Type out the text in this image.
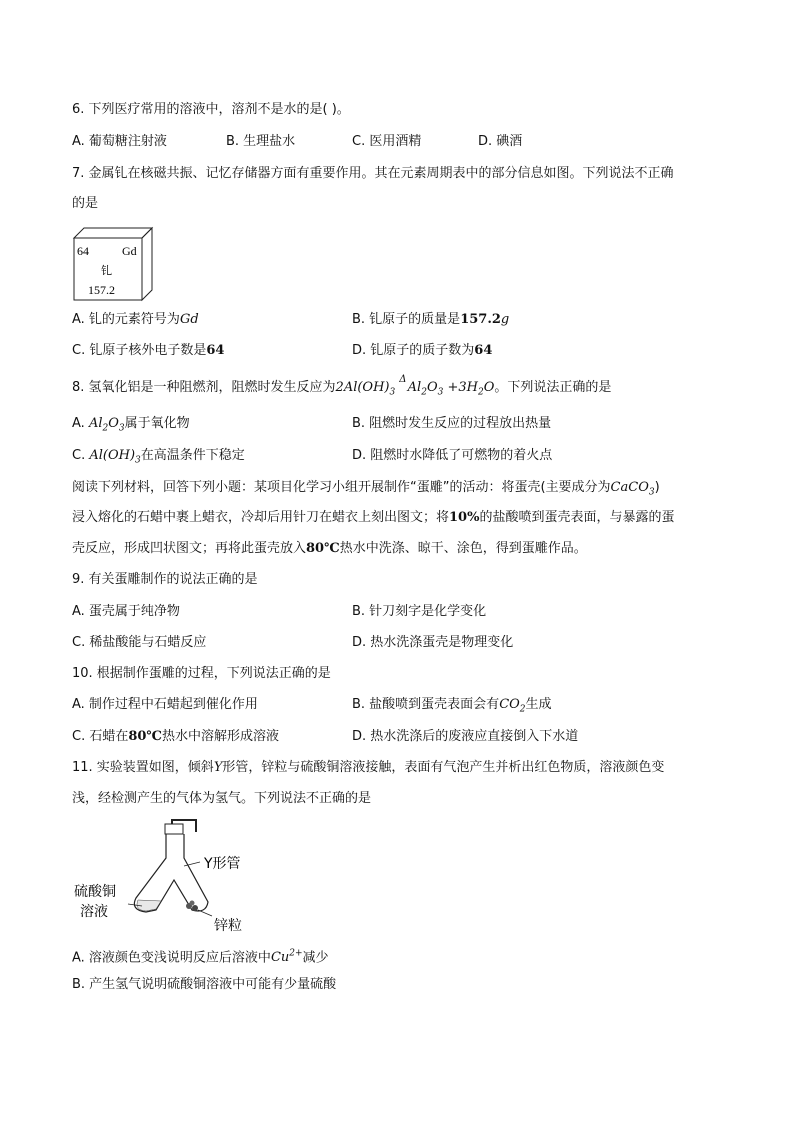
6. 下列医疗常用的溶液中，溶剂不是水的是( )。
A. 葡萄糖注射液	B. 生理盐水	C. 医用酒精	D. 碘酒
7. 金属钆在核磁共振、记忆存储器方面有重要作用。其在元素周期表中的部分信息如图。下列说法不正确
的是
64	Gd
钆
157.2
A. 钆的元素符号为Gd	B. 钆原子的质量是157.2g
C. 钆原子核外电子数是64	D. 钆原子的质子数为64
8. 氢氧化铝是一种阻燃剂，阻燃时发生反应为$2Al(OH)_3$
Δ
$Al_2O_3 +3H_2O$。下列说法正确的是
A. $Al_2O_3$属于氧化物	B. 阻燃时发生反应的过程放出热量
C. $Al(OH)_3$在高温条件下稳定	D. 阻燃时水降低了可燃物的着火点
阅读下列材料，回答下列小题：某项目化学习小组开展制作“蛋雕”的活动：将蛋壳(主要成分为CaCO$_3$)
浸入熔化的石蜡中裹上蜡衣，冷却后用针刀在蜡衣上刻出图文；将10%的盐酸喷到蛋壳表面，与暴露的蛋
壳反应，形成凹状图文；再将此蛋壳放入80℃热水中洗涤、晾干、涂色，得到蛋雕作品。
9. 有关蛋雕制作的说法正确的是
A. 蛋壳属于纯净物	B. 针刀刻字是化学变化
C. 稀盐酸能与石蜡反应	D. 热水洗涤蛋壳是物理变化
10. 根据制作蛋雕的过程，下列说法正确的是
A. 制作过程中石蜡起到催化作用	B. 盐酸喷到蛋壳表面会有$CO_2$生成
C. 石蜡在80℃热水中溶解形成溶液	D. 热水洗涤后的废液应直接倒入下水道
11. 实验装置如图，倾斜Y形管，锌粒与硫酸铜溶液接触，表面有气泡产生并析出红色物质，溶液颜色变
浅，经检测产生的气体为氢气。下列说法不正确的是
Y形管
硫酸铜
溶液
锌粒
A. 溶液颜色变浅说明反应后溶液中$Cu^{2+}$减少
B. 产生氢气说明硫酸铜溶液中可能有少量硫酸
